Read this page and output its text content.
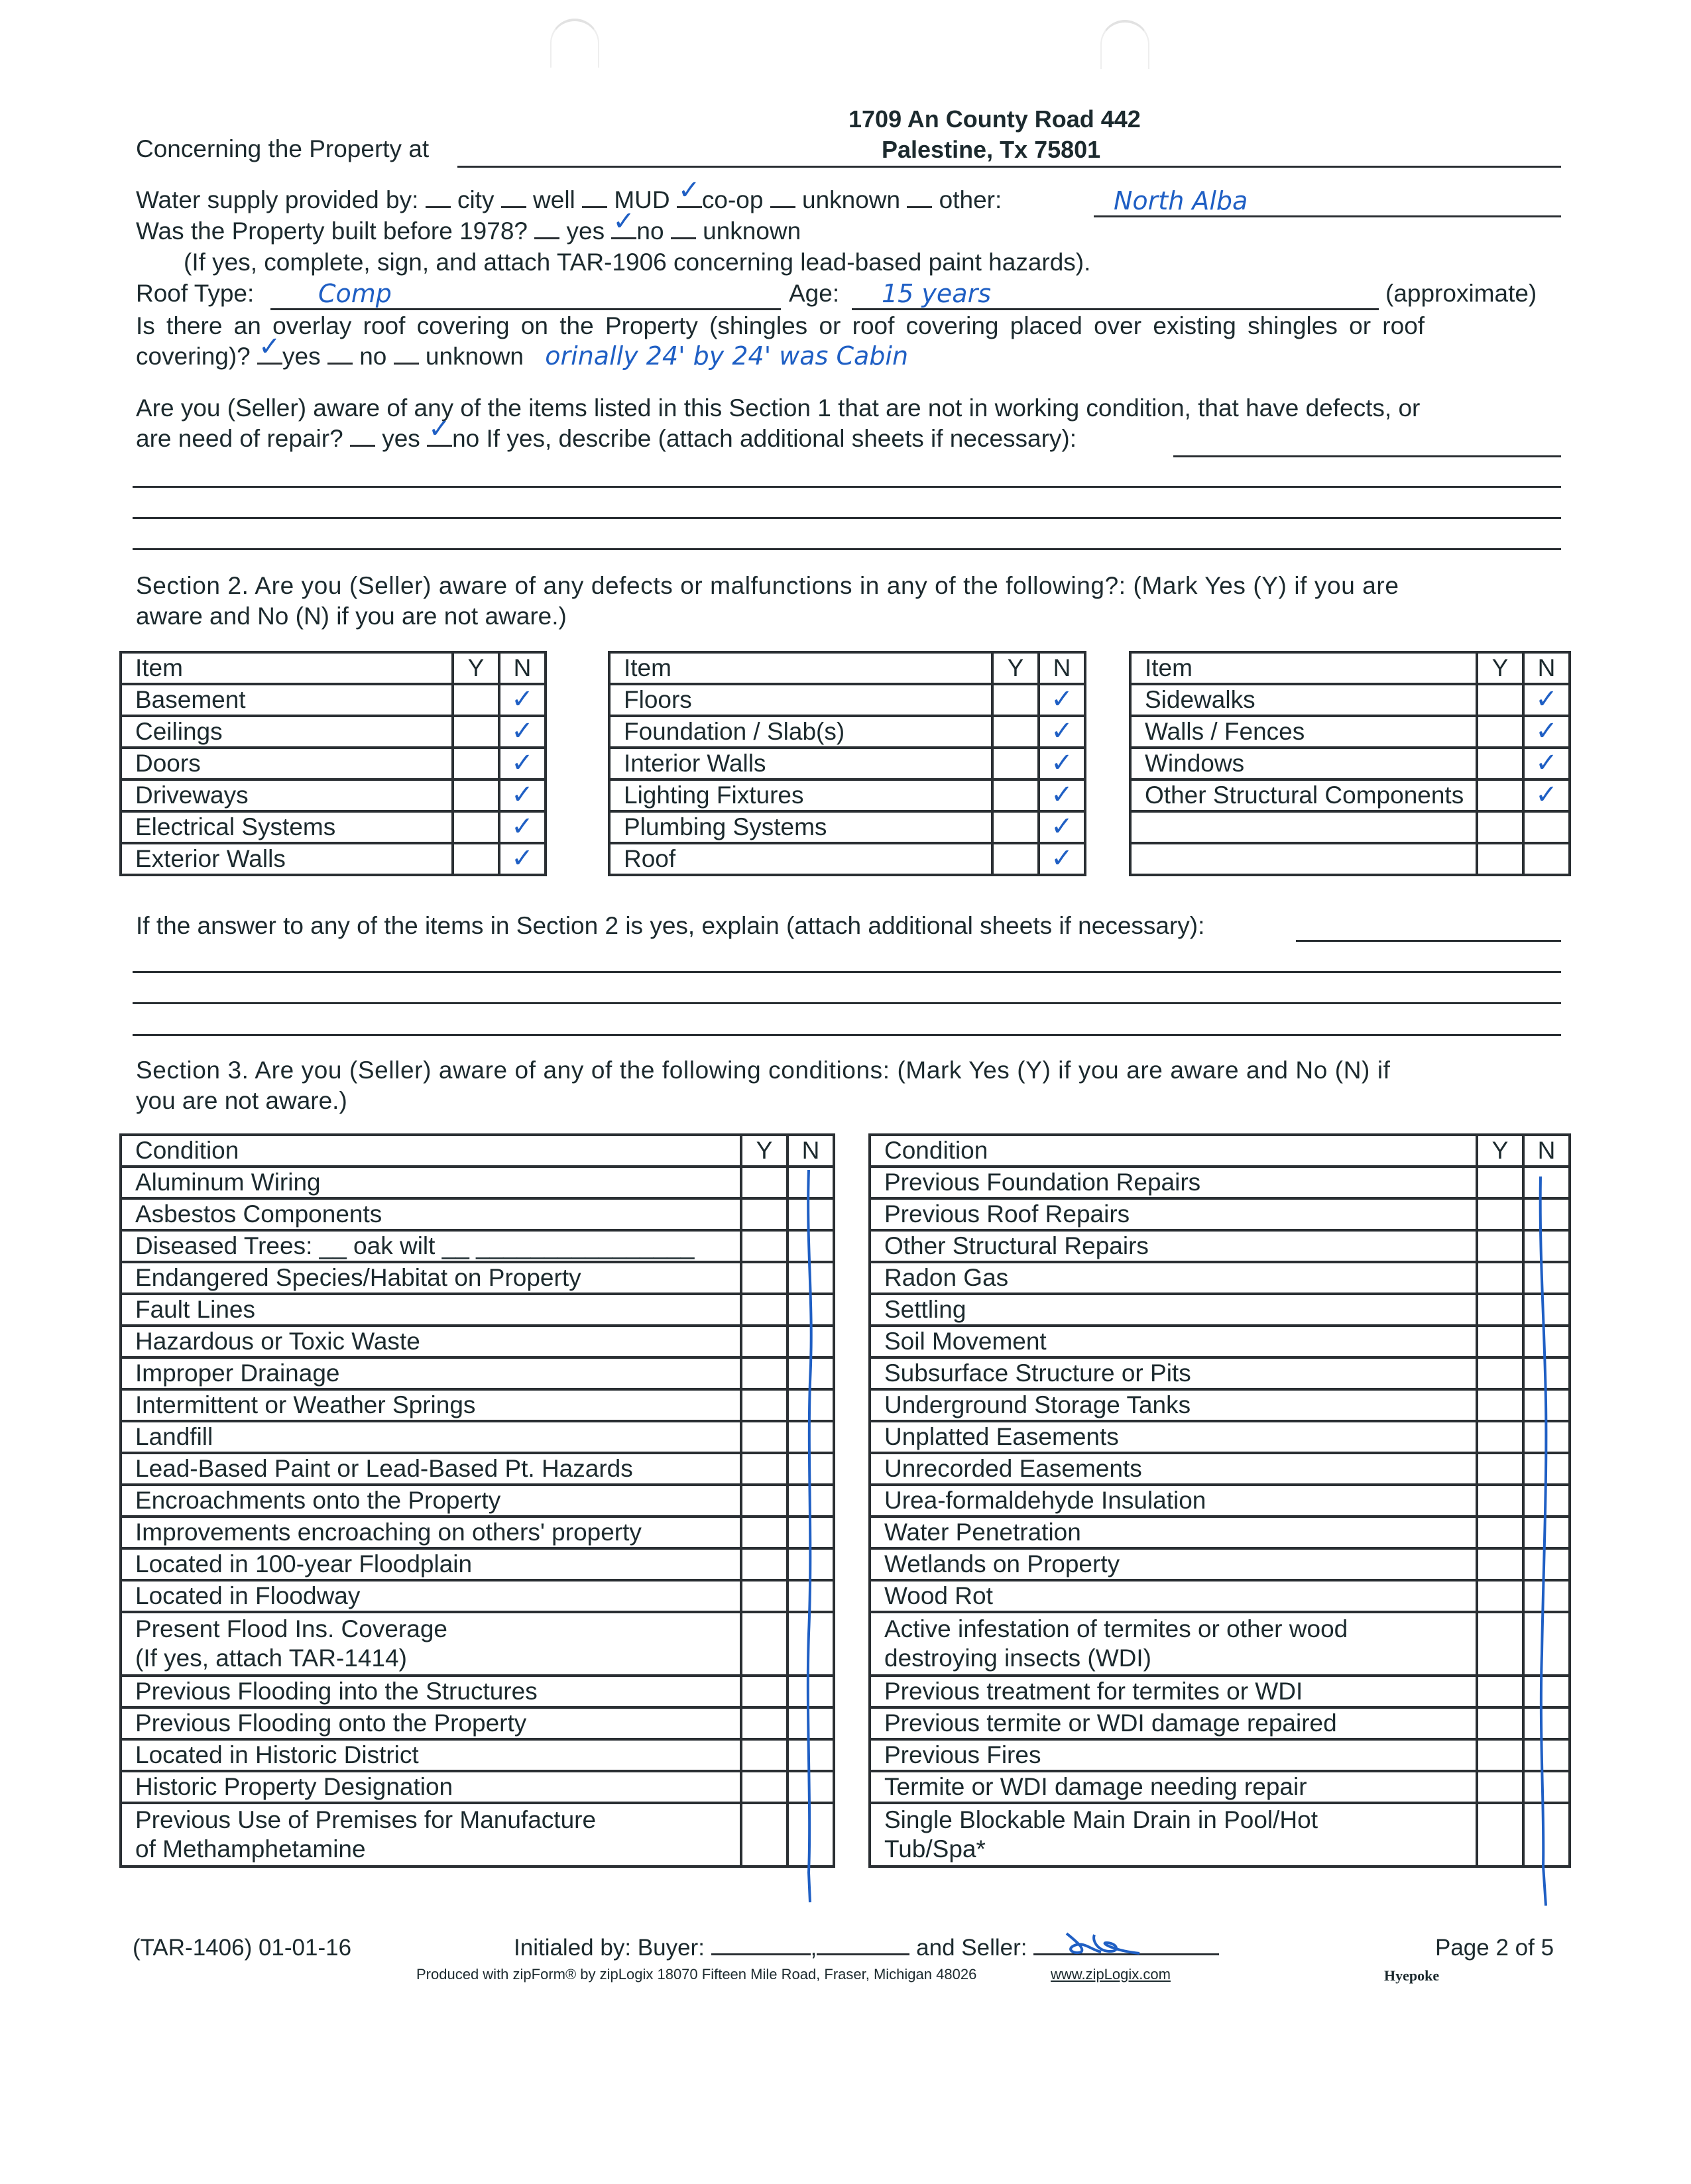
1709 An County Road 442
Concerning the Property at	Palestine, Tx 75801
Water supply provided by: city well MUD ✓ co-op unknown other:	North Alba
Was the Property built before 1978? yes ✓ no unknown
(If yes, complete, sign, and attach TAR-1906 concerning lead-based paint hazards).
Roof Type:	Comp	Age: 15 years	(approximate)
Is there an overlay roof covering on the Property (shingles or roof covering placed over existing shingles or roof
covering)? ✓ yes no unknown orinally 24' by 24' was Cabin
Are you (Seller) aware of any of the items listed in this Section 1 that are not in working condition, that have defects, or
are need of repair? yes ✓ no If yes, describe (attach additional sheets if necessary):
Section 2. Are you (Seller) aware of any defects or malfunctions in any of the following?: (Mark Yes (Y) if you are
aware and No (N) if you are not aware.)
Item	Y	N
Basement		✓
Ceilings		✓
Doors		✓
Driveways		✓
Electrical Systems		✓
Exterior Walls		✓
Item	Y	N
Floors		✓
Foundation / Slab(s)		✓
Interior Walls		✓
Lighting Fixtures		✓
Plumbing Systems		✓
Roof		✓
Item	Y	N
Sidewalks		✓
Walls / Fences		✓
Windows		✓
Other Structural Components		✓

If the answer to any of the items in Section 2 is yes, explain (attach additional sheets if necessary):
Section 3. Are you (Seller) aware of any of the following conditions: (Mark Yes (Y) if you are aware and No (N) if
you are not aware.)
Condition	Y	N
Aluminum Wiring		
Asbestos Components		
Diseased Trees: __ oak wilt __ ________________		
Endangered Species/Habitat on Property		
Fault Lines		
Hazardous or Toxic Waste		
Improper Drainage		
Intermittent or Weather Springs		
Landfill		
Lead-Based Paint or Lead-Based Pt. Hazards		
Encroachments onto the Property		
Improvements encroaching on others' property		
Located in 100-year Floodplain		
Located in Floodway		
Present Flood Ins. Coverage
(If yes, attach TAR-1414)		
Previous Flooding into the Structures		
Previous Flooding onto the Property		
Located in Historic District		
Historic Property Designation		
Previous Use of Premises for Manufacture
of Methamphetamine		
Condition	Y	N
Previous Foundation Repairs		
Previous Roof Repairs		
Other Structural Repairs		
Radon Gas		
Settling		
Soil Movement		
Subsurface Structure or Pits		
Underground Storage Tanks		
Unplatted Easements		
Unrecorded Easements		
Urea-formaldehyde Insulation		
Water Penetration		
Wetlands on Property		
Wood Rot		
Active infestation of termites or other wood
destroying insects (WDI)		
Previous treatment for termites or WDI		
Previous termite or WDI damage repaired		
Previous Fires		
Termite or WDI damage needing repair		
Single Blockable Main Drain in Pool/Hot
Tub/Spa*		
(TAR-1406) 01-01-16	Initialed by: Buyer:	,	and Seller:	Page 2 of 5
Produced with zipForm® by zipLogix 18070 Fifteen Mile Road, Fraser, Michigan 48026	www.zipLogix.com	Hyepoke
